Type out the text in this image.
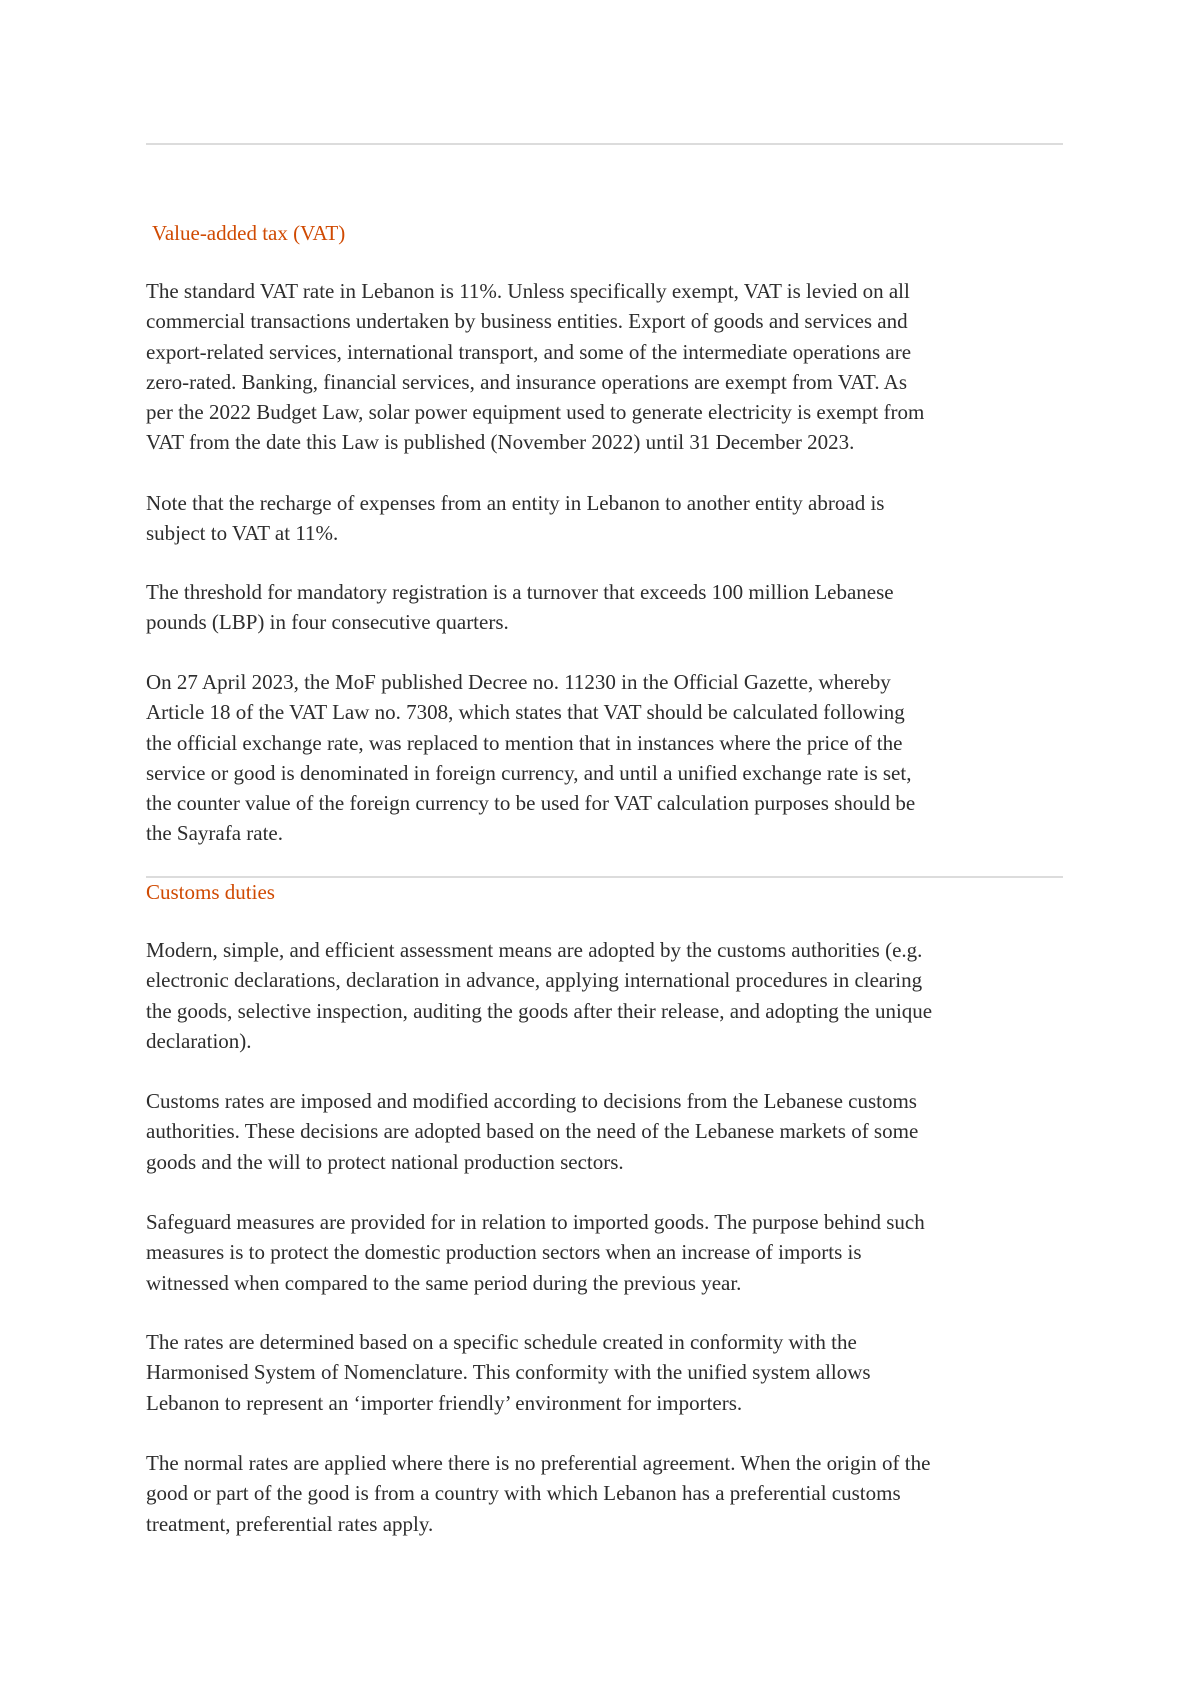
Value-added tax (VAT)
The standard VAT rate in Lebanon is 11%. Unless specifically exempt, VAT is levied on all
commercial transactions undertaken by business entities. Export of goods and services and
export-related services, international transport, and some of the intermediate operations are
zero-rated. Banking, financial services, and insurance operations are exempt from VAT. As
per the 2022 Budget Law, solar power equipment used to generate electricity is exempt from
VAT from the date this Law is published (November 2022) until 31 December 2023.
Note that the recharge of expenses from an entity in Lebanon to another entity abroad is
subject to VAT at 11%.
The threshold for mandatory registration is a turnover that exceeds 100 million Lebanese
pounds (LBP) in four consecutive quarters.
On 27 April 2023, the MoF published Decree no. 11230 in the Official Gazette, whereby
Article 18 of the VAT Law no. 7308, which states that VAT should be calculated following
the official exchange rate, was replaced to mention that in instances where the price of the
service or good is denominated in foreign currency, and until a unified exchange rate is set,
the counter value of the foreign currency to be used for VAT calculation purposes should be
the Sayrafa rate.
Customs duties
Modern, simple, and efficient assessment means are adopted by the customs authorities (e.g.
electronic declarations, declaration in advance, applying international procedures in clearing
the goods, selective inspection, auditing the goods after their release, and adopting the unique
declaration).
Customs rates are imposed and modified according to decisions from the Lebanese customs
authorities. These decisions are adopted based on the need of the Lebanese markets of some
goods and the will to protect national production sectors.
Safeguard measures are provided for in relation to imported goods. The purpose behind such
measures is to protect the domestic production sectors when an increase of imports is
witnessed when compared to the same period during the previous year.
The rates are determined based on a specific schedule created in conformity with the
Harmonised System of Nomenclature. This conformity with the unified system allows
Lebanon to represent an ‘importer friendly’ environment for importers.
The normal rates are applied where there is no preferential agreement. When the origin of the
good or part of the good is from a country with which Lebanon has a preferential customs
treatment, preferential rates apply.
